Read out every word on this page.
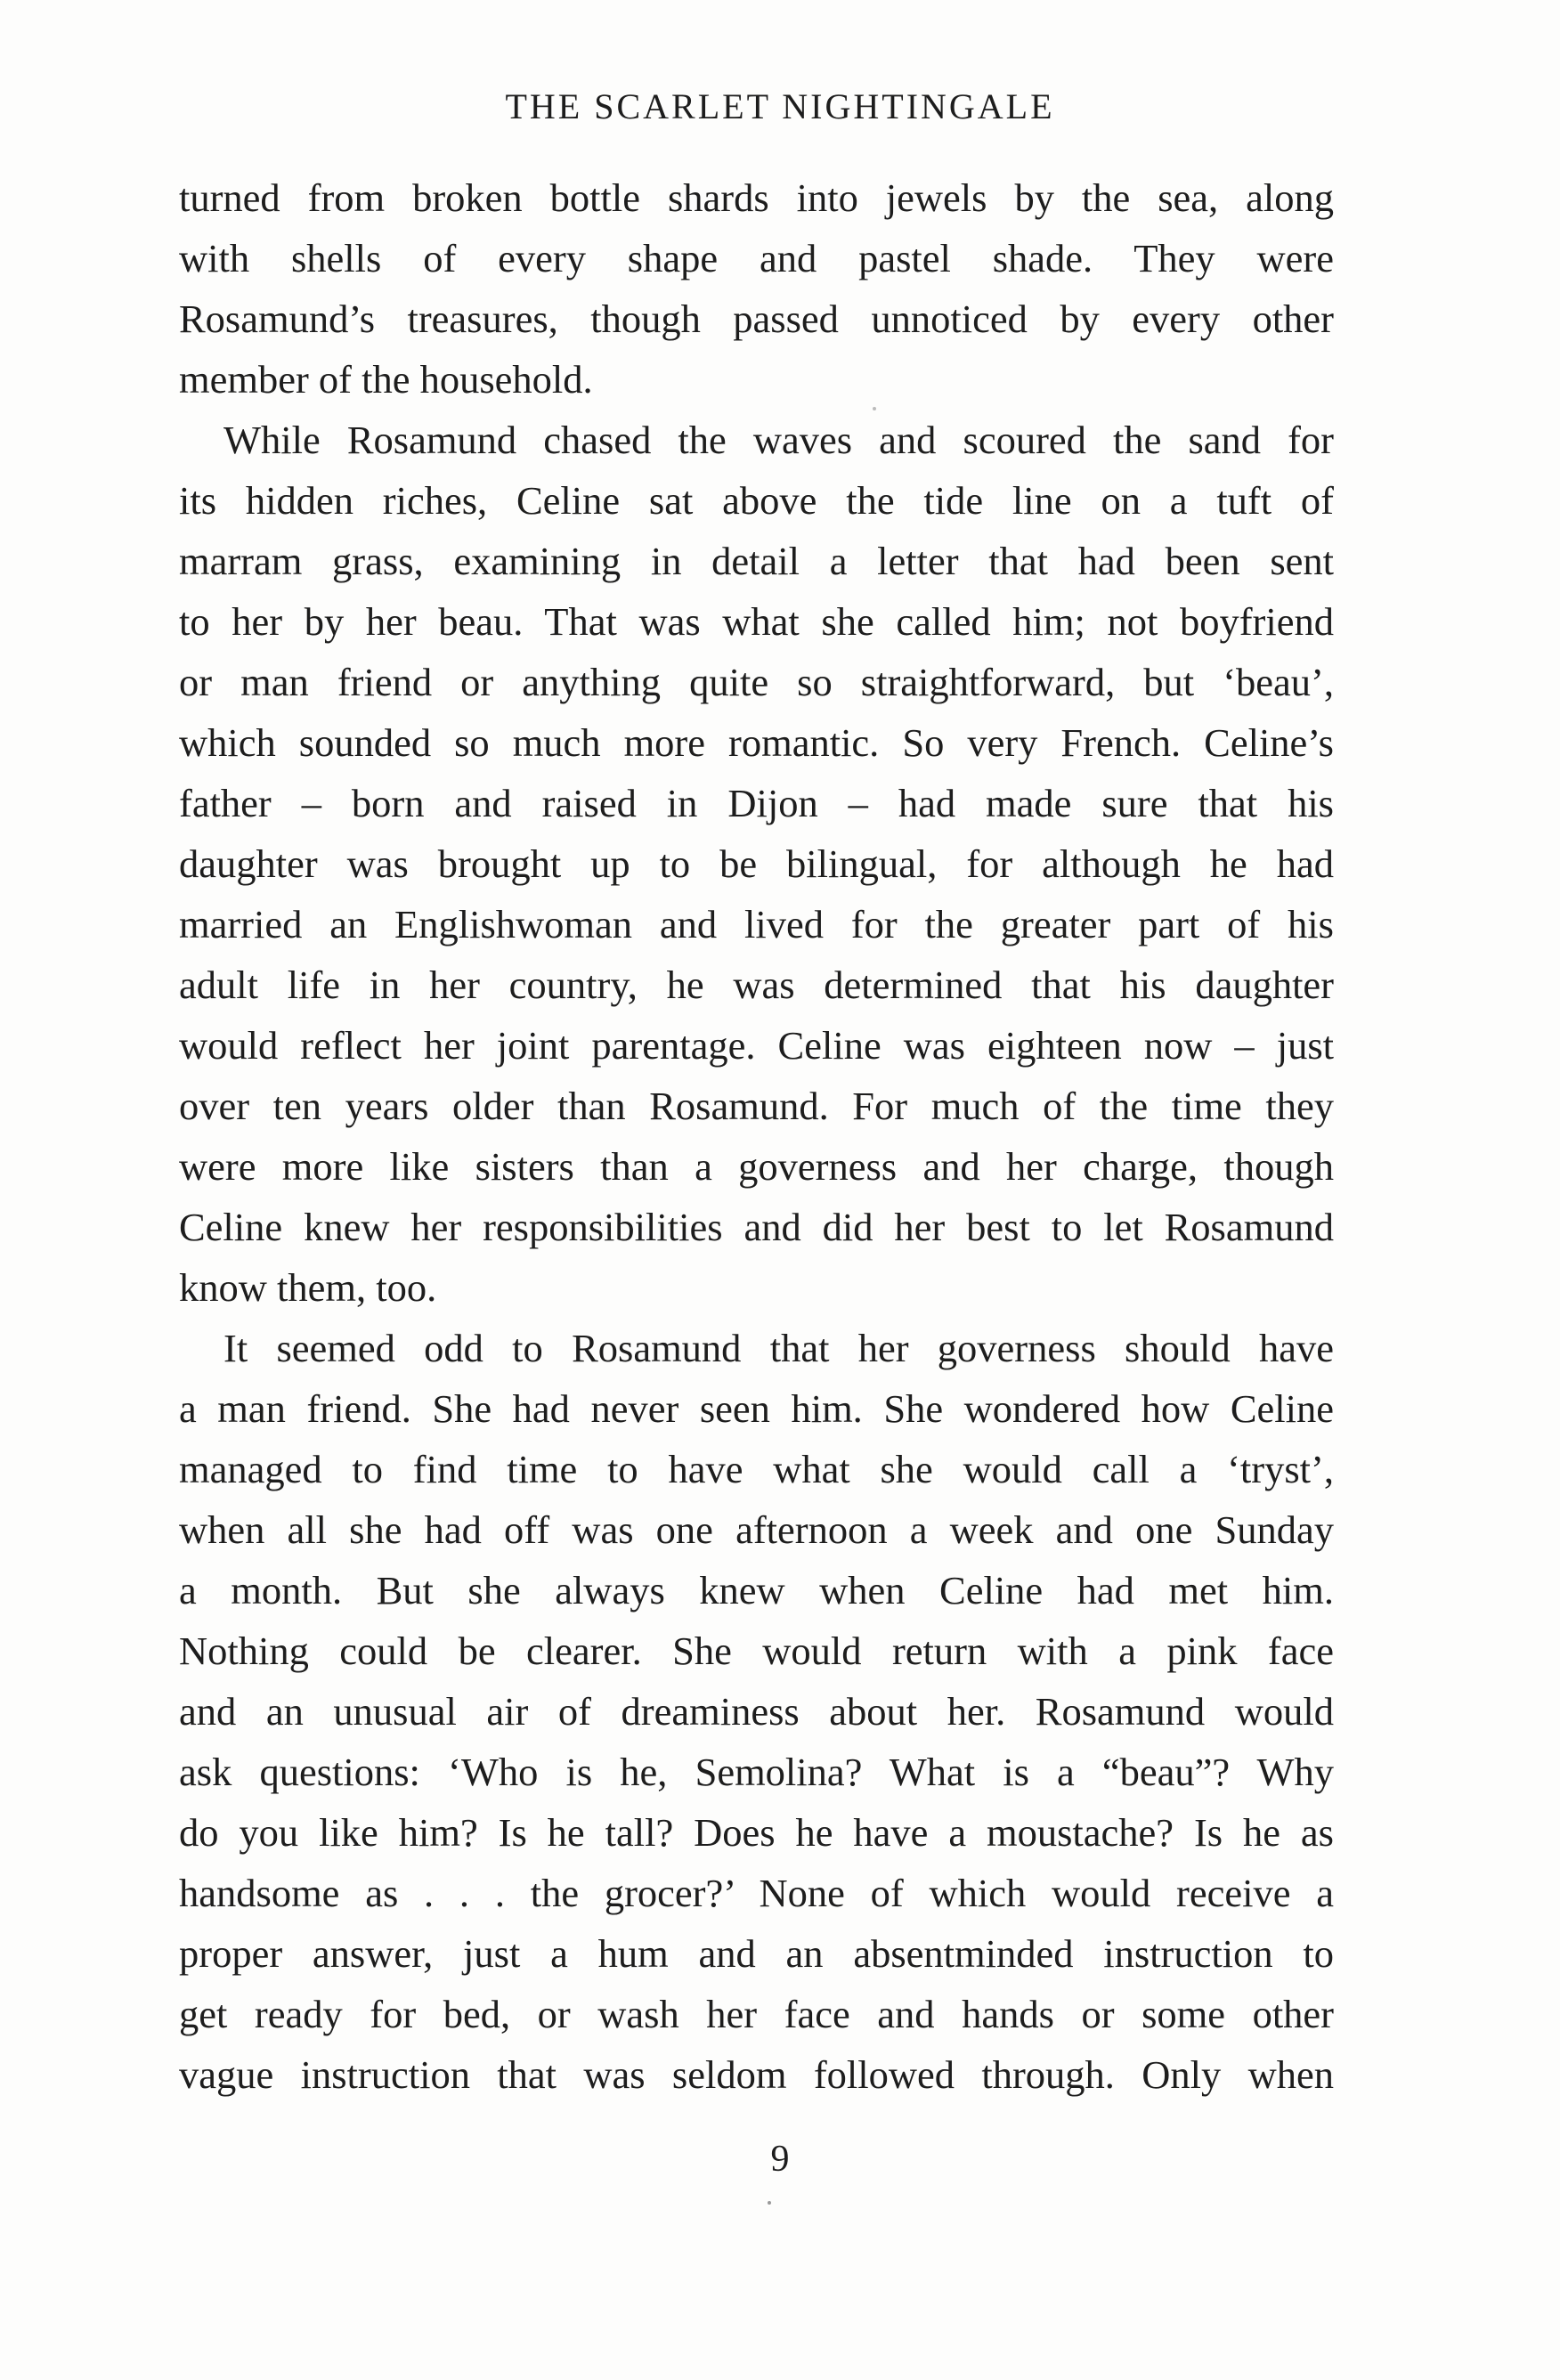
THE SCARLET NIGHTINGALE
turned from broken bottle shards into jewels by the sea, along
with shells of every shape and pastel shade. They were
Rosamund’s treasures, though passed unnoticed by every other
member of the household.
While Rosamund chased the waves and scoured the sand for
its hidden riches, Celine sat above the tide line on a tuft of
marram grass, examining in detail a letter that had been sent
to her by her beau. That was what she called him; not boyfriend
or man friend or anything quite so straightforward, but ‘beau’,
which sounded so much more romantic. So very French. Celine’s
father – born and raised in Dijon – had made sure that his
daughter was brought up to be bilingual, for although he had
married an Englishwoman and lived for the greater part of his
adult life in her country, he was determined that his daughter
would reflect her joint parentage. Celine was eighteen now – just
over ten years older than Rosamund. For much of the time they
were more like sisters than a governess and her charge, though
Celine knew her responsibilities and did her best to let Rosamund
know them, too.
It seemed odd to Rosamund that her governess should have
a man friend. She had never seen him. She wondered how Celine
managed to find time to have what she would call a ‘tryst’,
when all she had off was one afternoon a week and one Sunday
a month. But she always knew when Celine had met him.
Nothing could be clearer. She would return with a pink face
and an unusual air of dreaminess about her. Rosamund would
ask questions: ‘Who is he, Semolina? What is a “beau”? Why
do you like him? Is he tall? Does he have a moustache? Is he as
handsome as . . . the grocer?’ None of which would receive a
proper answer, just a hum and an absentminded instruction to
get ready for bed, or wash her face and hands or some other
vague instruction that was seldom followed through. Only when
9
